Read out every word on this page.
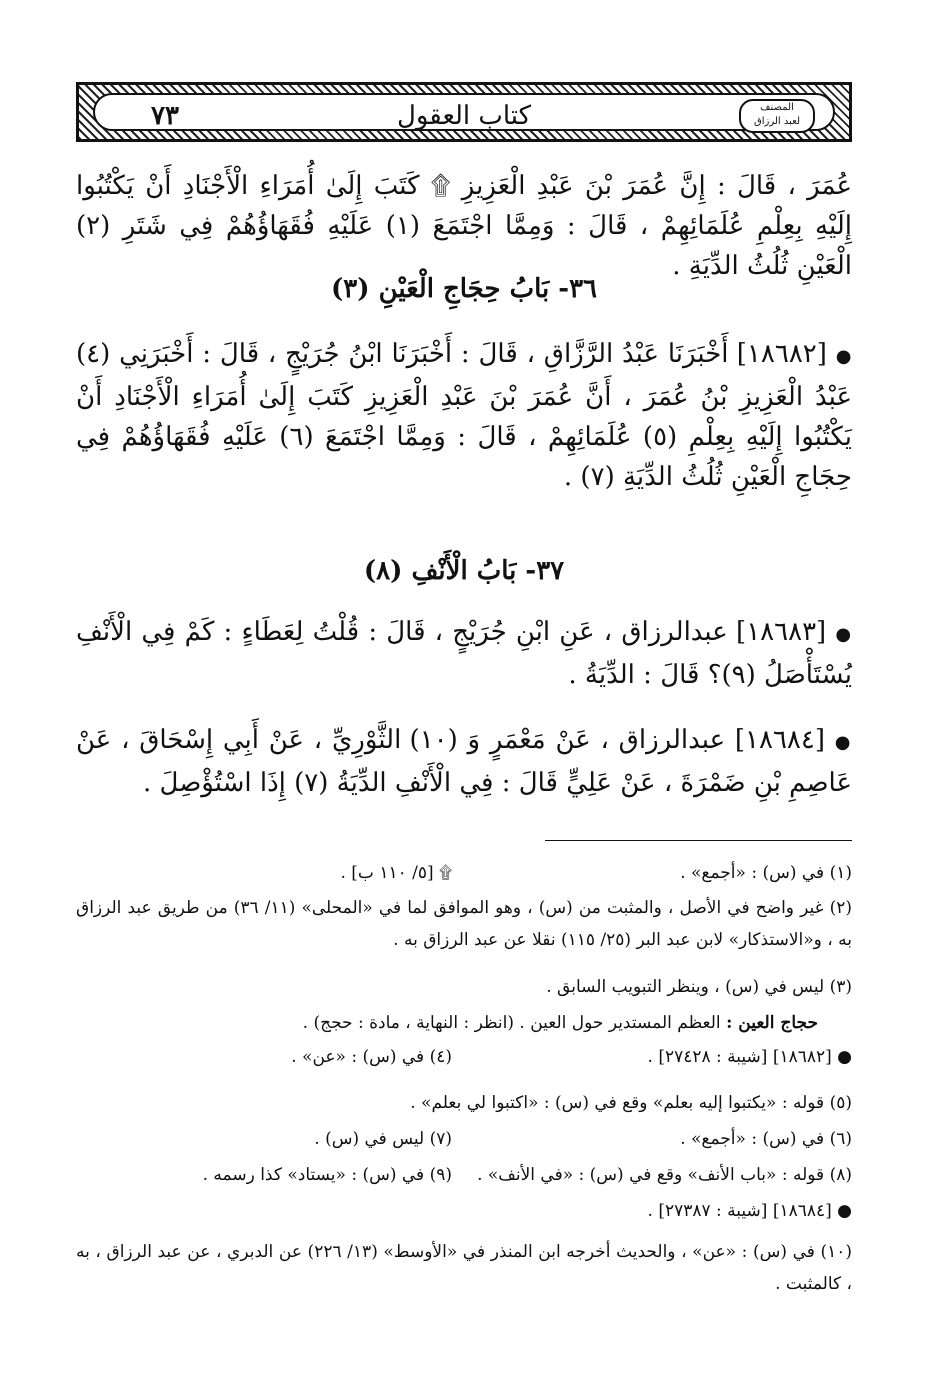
٧٣	كتاب العقول	المصنف
لعبد الرزاق

عُمَرَ ، قَالَ : إِنَّ عُمَرَ بْنَ عَبْدِ الْعَزِيزِ ۩ كَتَبَ إِلَىٰ أُمَرَاءِ الْأَجْنَادِ أَنْ يَكْتُبُوا إِلَيْهِ بِعِلْمِ عُلَمَائِهِمْ ، قَالَ : وَمِمَّا اجْتَمَعَ (١) عَلَيْهِ فُقَهَاؤُهُمْ فِي شَتَرِ (٢) الْعَيْنِ ثُلُثُ الدِّيَةِ .

٣٦- بَابُ حِجَاجِ الْعَيْنِ (٣)

● [١٨٦٨٢] أَخْبَرَنَا عَبْدُ الرَّزَّاقِ ، قَالَ : أَخْبَرَنَا ابْنُ جُرَيْجٍ ، قَالَ : أَخْبَرَنِي (٤) عَبْدُ الْعَزِيزِ بْنُ عُمَرَ ، أَنَّ عُمَرَ بْنَ عَبْدِ الْعَزِيزِ كَتَبَ إِلَىٰ أُمَرَاءِ الْأَجْنَادِ أَنْ يَكْتُبُوا إِلَيْهِ بِعِلْمِ (٥) عُلَمَائِهِمْ ، قَالَ : وَمِمَّا اجْتَمَعَ (٦) عَلَيْهِ فُقَهَاؤُهُمْ فِي حِجَاجِ الْعَيْنِ ثُلُثُ الدِّيَةِ (٧) .

٣٧- بَابُ الْأَنْفِ (٨)

● [١٨٦٨٣] عبدالرزاق ، عَنِ ابْنِ جُرَيْجٍ ، قَالَ : قُلْتُ لِعَطَاءٍ : كَمْ فِي الْأَنْفِ يُسْتَأْصَلُ (٩)؟ قَالَ : الدِّيَةُ .

● [١٨٦٨٤] عبدالرزاق ، عَنْ مَعْمَرٍ وَ (١٠) الثَّوْرِيِّ ، عَنْ أَبِي إِسْحَاقَ ، عَنْ عَاصِمِ بْنِ ضَمْرَةَ ، عَنْ عَلِيٍّ قَالَ : فِي الْأَنْفِ الدِّيَةُ (٧) إِذَا اسْتُؤْصِلَ .

(١) في (س) : «أجمع» .
۩ [٥/ ١١٠ ب] .
(٢) غير واضح في الأصل ، والمثبت من (س) ، وهو الموافق لما في «المحلى» (١١/ ٣٦) من طريق عبد الرزاق به ، و«الاستذكار» لابن عبد البر (٢٥/ ١١٥) نقلا عن عبد الرزاق به .
(٣) ليس في (س) ، وينظر التبويب السابق .
حجاج العين : العظم المستدير حول العين . (انظر : النهاية ، مادة : حجج) .
● [١٨٦٨٢] [شيبة : ٢٧٤٢٨] .
(٤) في (س) : «عن» .
(٥) قوله : «يكتبوا إليه بعلم» وقع في (س) : «اكتبوا لي بعلم» .
(٦) في (س) : «أجمع» .
(٧) ليس في (س) .
(٨) قوله : «باب الأنف» وقع في (س) : «في الأنف» .
(٩) في (س) : «يستاد» كذا رسمه .
● [١٨٦٨٤] [شيبة : ٢٧٣٨٧] .
(١٠) في (س) : «عن» ، والحديث أخرجه ابن المنذر في «الأوسط» (١٣/ ٢٢٦) عن الدبري ، عن عبد الرزاق ، به ، كالمثبت .
